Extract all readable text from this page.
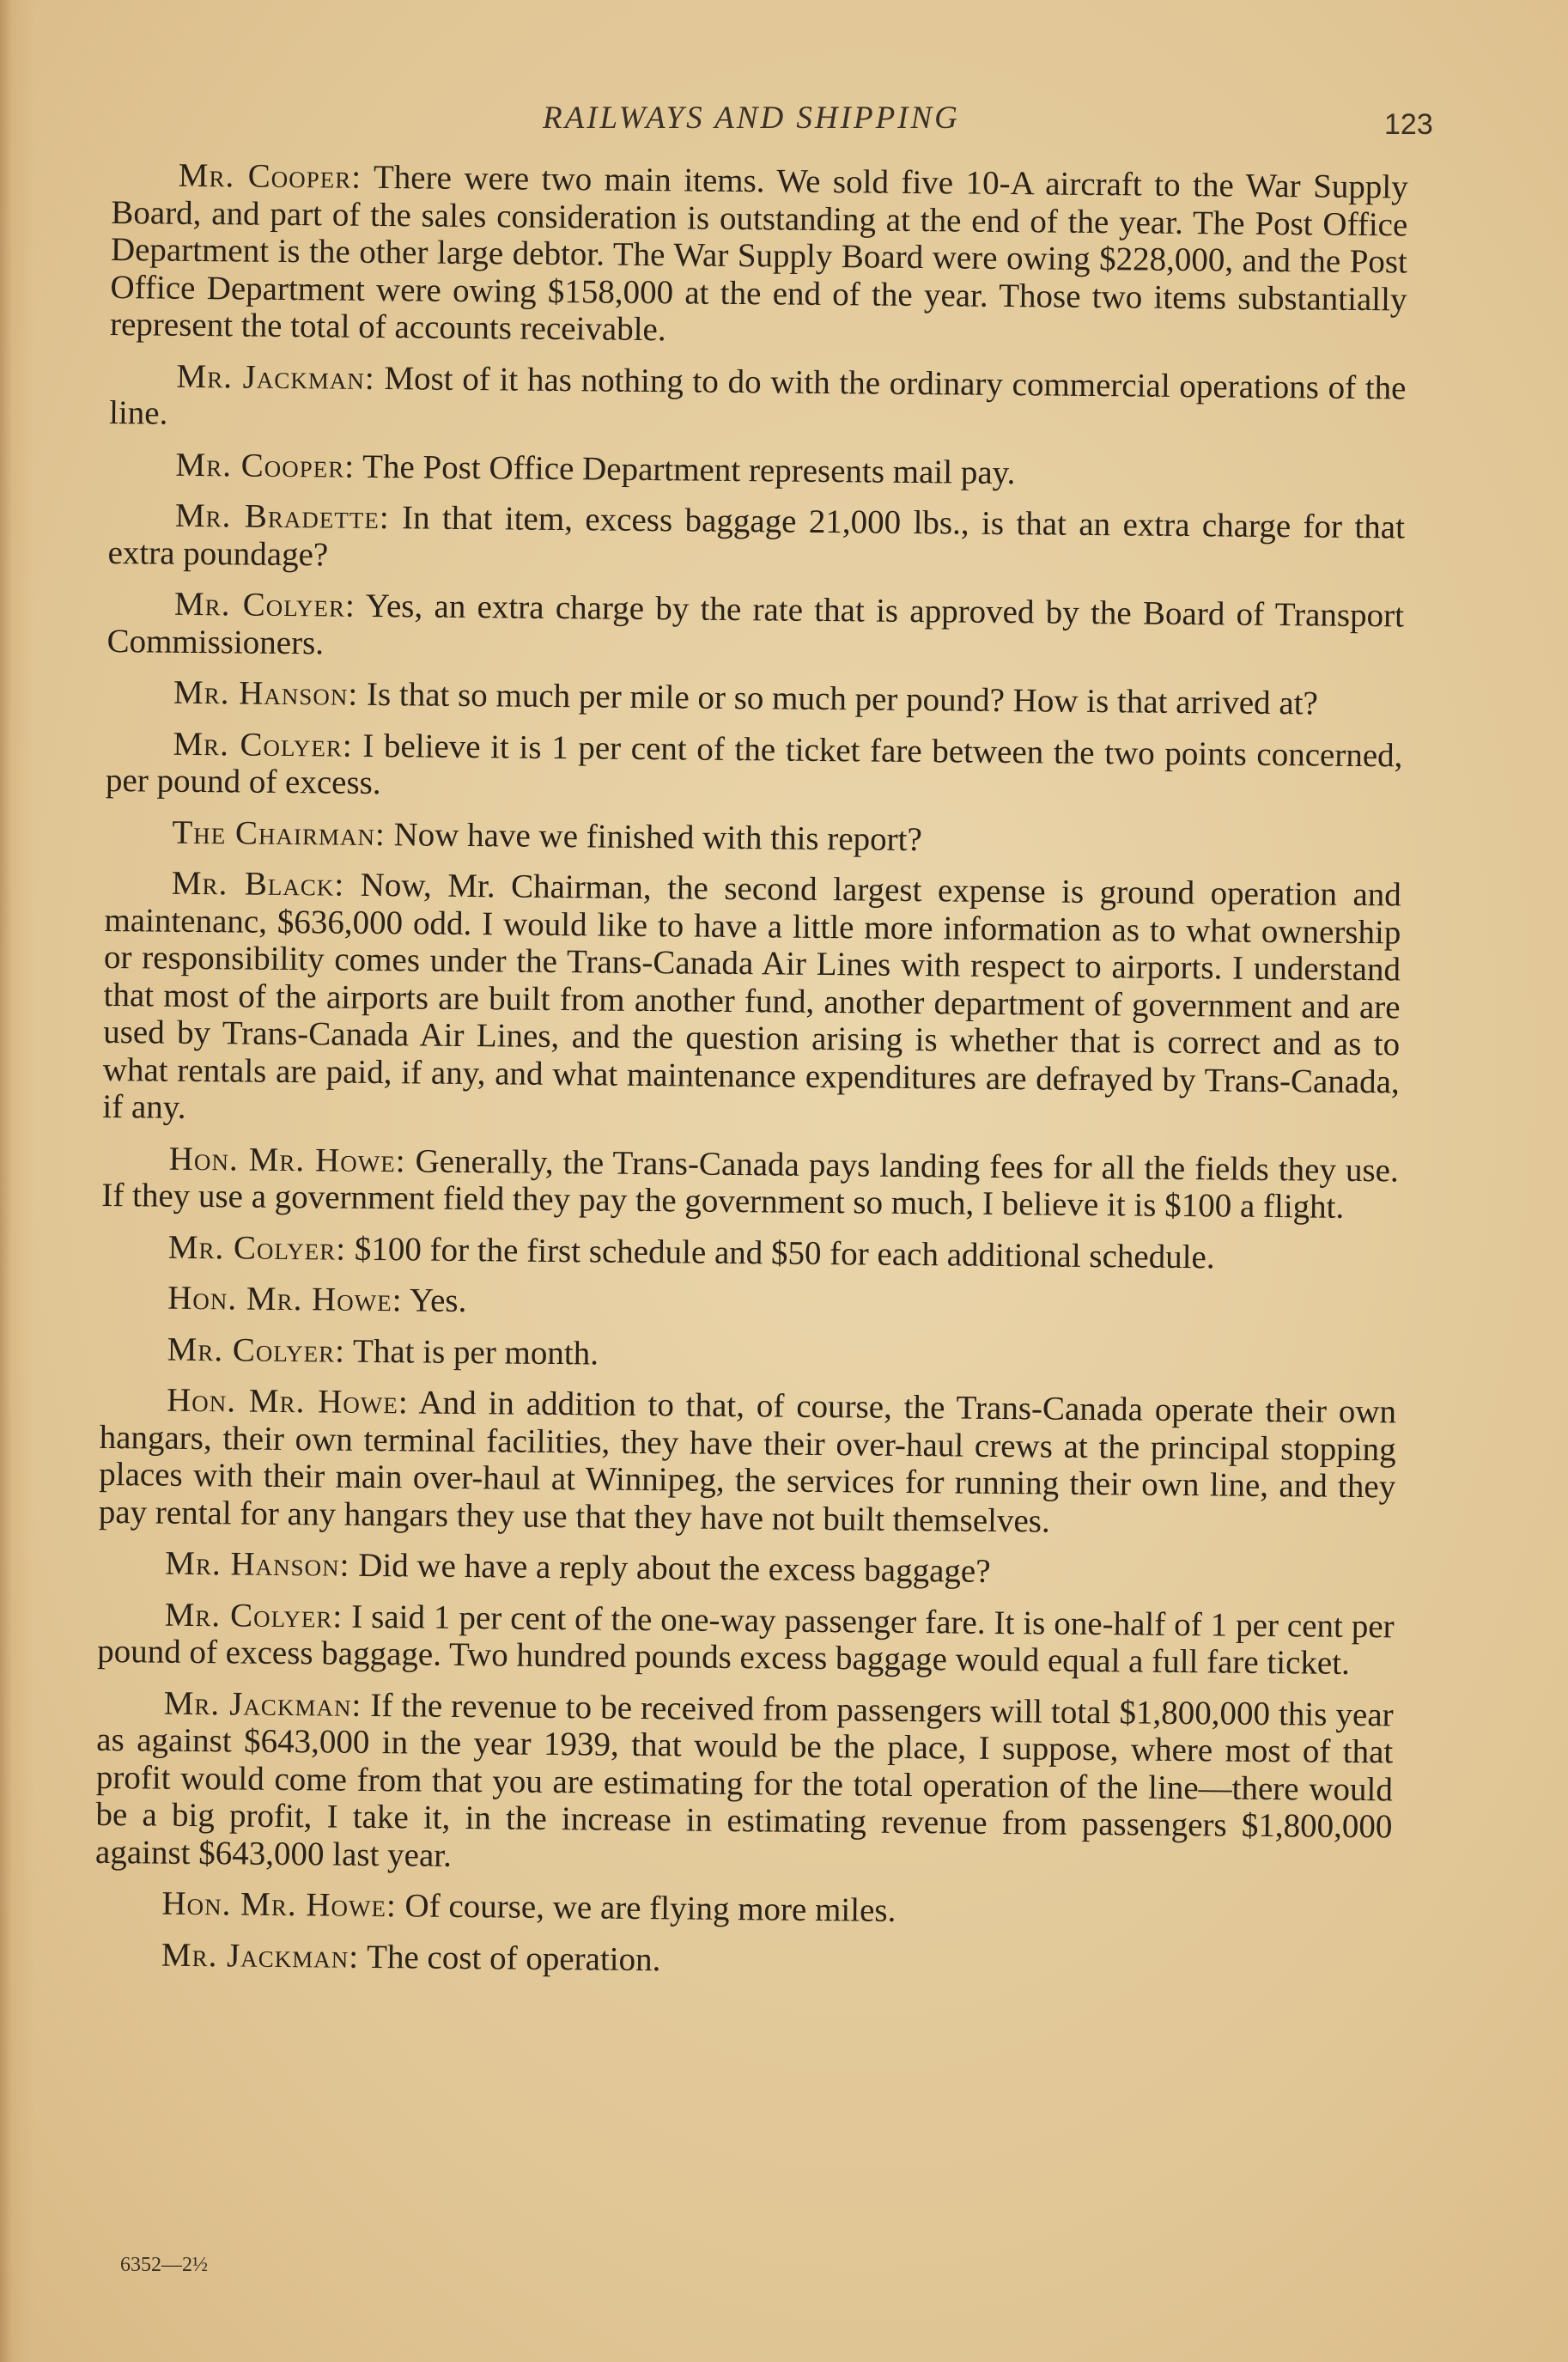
RAILWAYS AND SHIPPING	123

Mr. Cooper: There were two main items. We sold five 10-A aircraft to the War Supply Board, and part of the sales consideration is outstanding at the end of the year. The Post Office Department is the other large debtor. The War Supply Board were owing $228,000, and the Post Office Department were owing $158,000 at the end of the year. Those two items substantially represent the total of accounts receivable.

Mr. Jackman: Most of it has nothing to do with the ordinary commercial operations of the line.

Mr. Cooper: The Post Office Department represents mail pay.

Mr. Bradette: In that item, excess baggage 21,000 lbs., is that an extra charge for that extra poundage?

Mr. Colyer: Yes, an extra charge by the rate that is approved by the Board of Transport Commissioners.

Mr. Hanson: Is that so much per mile or so much per pound? How is that arrived at?

Mr. Colyer: I believe it is 1 per cent of the ticket fare between the two points concerned, per pound of excess.

The Chairman: Now have we finished with this report?

Mr. Black: Now, Mr. Chairman, the second largest expense is ground operation and maintenanc, $636,000 odd. I would like to have a little more information as to what ownership or responsibility comes under the Trans-Canada Air Lines with respect to airports. I understand that most of the airports are built from another fund, another department of government and are used by Trans-Canada Air Lines, and the question arising is whether that is correct and as to what rentals are paid, if any, and what maintenance expenditures are defrayed by Trans-Canada, if any.

Hon. Mr. Howe: Generally, the Trans-Canada pays landing fees for all the fields they use. If they use a government field they pay the government so much, I believe it is $100 a flight.

Mr. Colyer: $100 for the first schedule and $50 for each additional schedule.

Hon. Mr. Howe: Yes.

Mr. Colyer: That is per month.

Hon. Mr. Howe: And in addition to that, of course, the Trans-Canada operate their own hangars, their own terminal facilities, they have their over-haul crews at the principal stopping places with their main over-haul at Winnipeg, the services for running their own line, and they pay rental for any hangars they use that they have not built themselves.

Mr. Hanson: Did we have a reply about the excess baggage?

Mr. Colyer: I said 1 per cent of the one-way passenger fare. It is one-half of 1 per cent per pound of excess baggage. Two hundred pounds excess baggage would equal a full fare ticket.

Mr. Jackman: If the revenue to be received from passengers will total $1,800,000 this year as against $643,000 in the year 1939, that would be the place, I suppose, where most of that profit would come from that you are estimating for the total operation of the line—there would be a big profit, I take it, in the increase in estimating revenue from passengers $1,800,000 against $643,000 last year.

Hon. Mr. Howe: Of course, we are flying more miles.

Mr. Jackman: The cost of operation.

6352—2½
